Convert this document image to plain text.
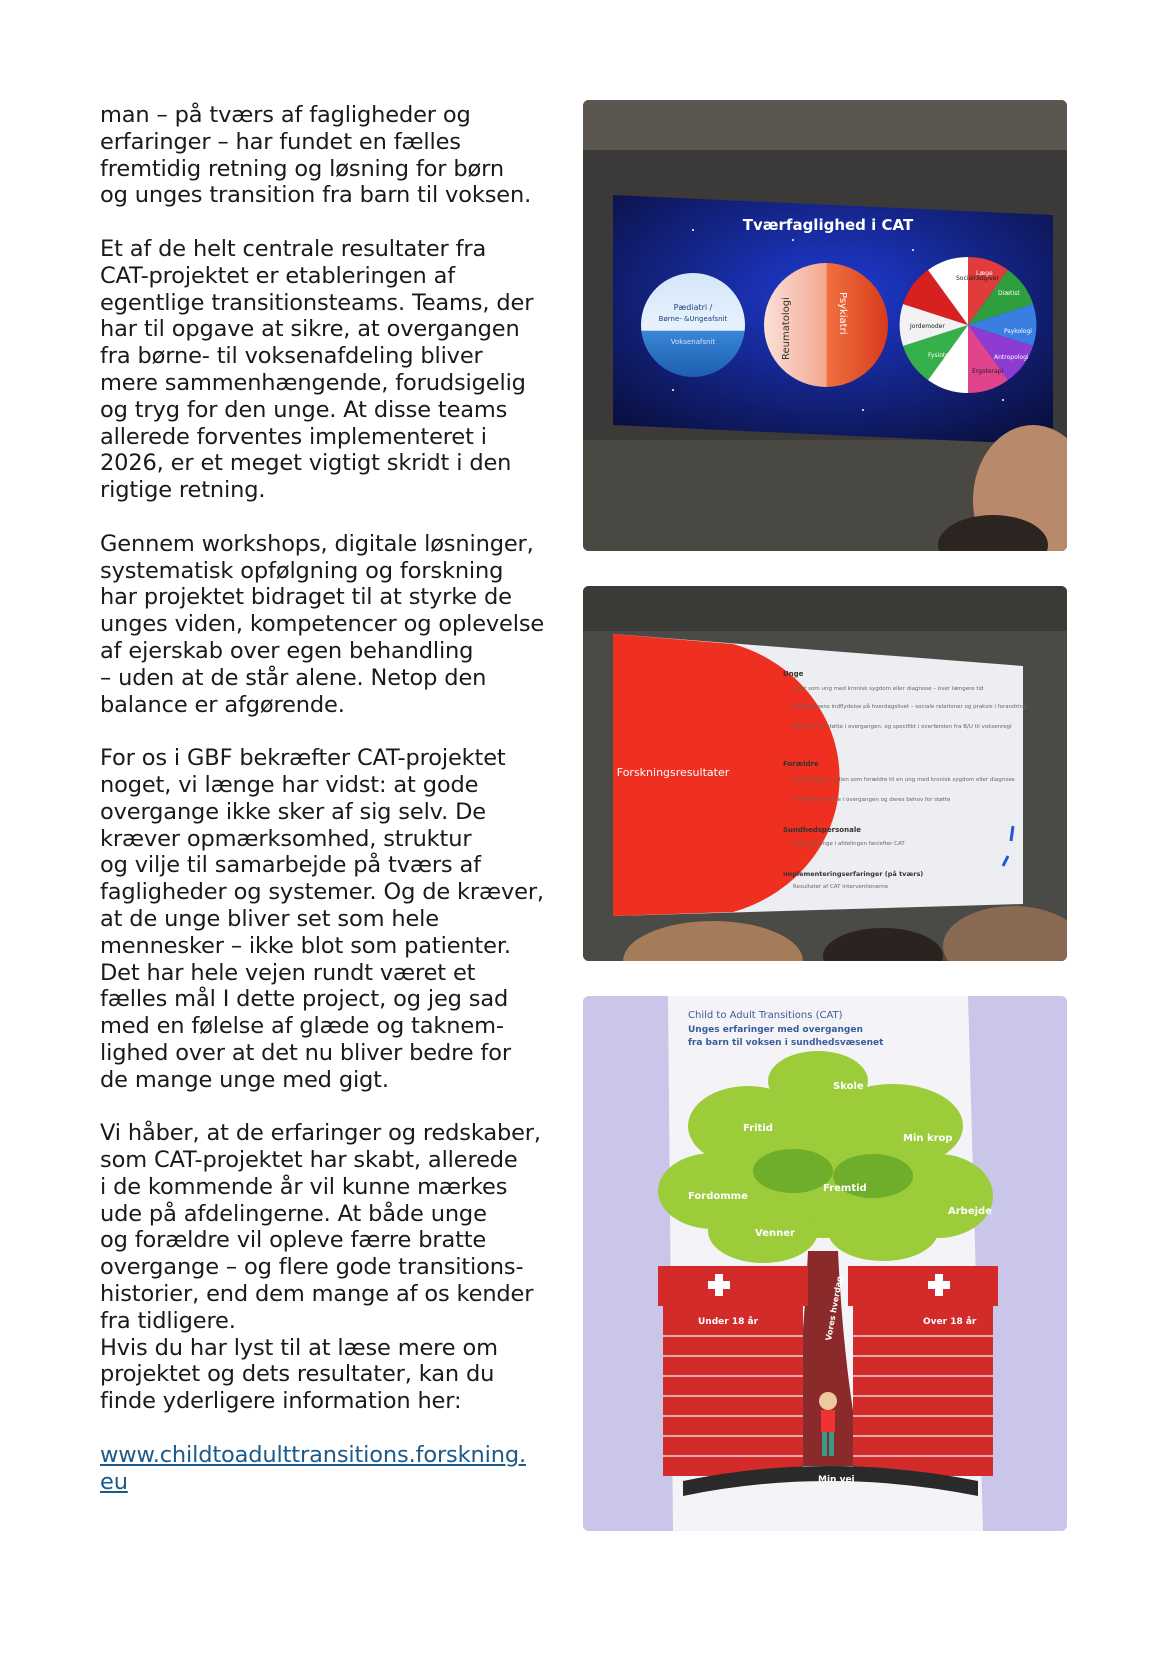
man – på tværs af fagligheder og
erfaringer – har fundet en fælles
fremtidig retning og løsning for børn
og unges transition fra barn til voksen.

Et af de helt centrale resultater fra
CAT-projektet er etableringen af
egentlige transitionsteams. Teams, der
har til opgave at sikre, at overgangen
fra børne- til voksenafdeling bliver
mere sammenhængende, forudsigelig
og tryg for den unge. At disse teams
allerede forventes implementeret i
2026, er et meget vigtigt skridt i den
rigtige retning.

Gennem workshops, digitale løsninger,
systematisk opfølgning og forskning
har projektet bidraget til at styrke de
unges viden, kompetencer og oplevelse
af ejerskab over egen behandling
– uden at de står alene. Netop den
balance er afgørende.

For os i GBF bekræfter CAT-projektet
noget, vi længe har vidst: at gode
overgange ikke sker af sig selv. De
kræver opmærksomhed, struktur
og vilje til samarbejde på tværs af
fagligheder og systemer. Og de kræver,
at de unge bliver set som hele
mennesker – ikke blot som patienter.
Det har hele vejen rundt været et
fælles mål I dette project, og jeg sad
med en følelse af glæde og taknem-
lighed over at det nu bliver bedre for
de mange unge med gigt.

Vi håber, at de erfaringer og redskaber,
som CAT-projektet har skabt, allerede
i de kommende år vil kunne mærkes
ude på afdelingerne. At både unge
og forældre vil opleve færre bratte
overgange – og flere gode transitions-
historier, end dem mange af os kender
fra tidligere.
Hvis du har lyst til at læse mere om
projektet og dets resultater, kan du
finde yderligere information her:

www.childtoadulttransitions.forskning.
eu
Tværfaglighed i CAT
Pædiatri /
Børne- &Ungeafsnit
Voksenafsnit	Reumatologi	Psykiatri
Socialrådgiver
Læge
Diætist
Jordemoder
Fysioterapi
Ergoterapi
Psykologi
Antropologi
Forskningsresultater
Unge
Livet som ung med kronisk sygdom eller diagnose – over længere tid
Overgangens indflydelse på hverdagslivet – sociale relationer og praksis i forandring
Behovet for støtte i overgangen, og specifikt i overførslen fra B/U til voksenregi
Forældre
Forandringer i rollen som forældre til en ung med kronisk sygdom eller diagnose
Forældrenes rolle i overgangen og deres behov for støtte
Sundhedspersonale
Fokus på unge i afdelingen fan/efter CAT
Implementeringserfaringer (på tværs)
Resultater af CAT interventionerne
Child to Adult Transitions (CAT)
Unges erfaringer med overgangen
fra barn til voksen i sundhedsvæsenet
Skole
Fritid
Min krop
Fremtid
Fordomme
Arbejde
Venner
Vores hverdag
Under 18 år	Over 18 år
Min vej
